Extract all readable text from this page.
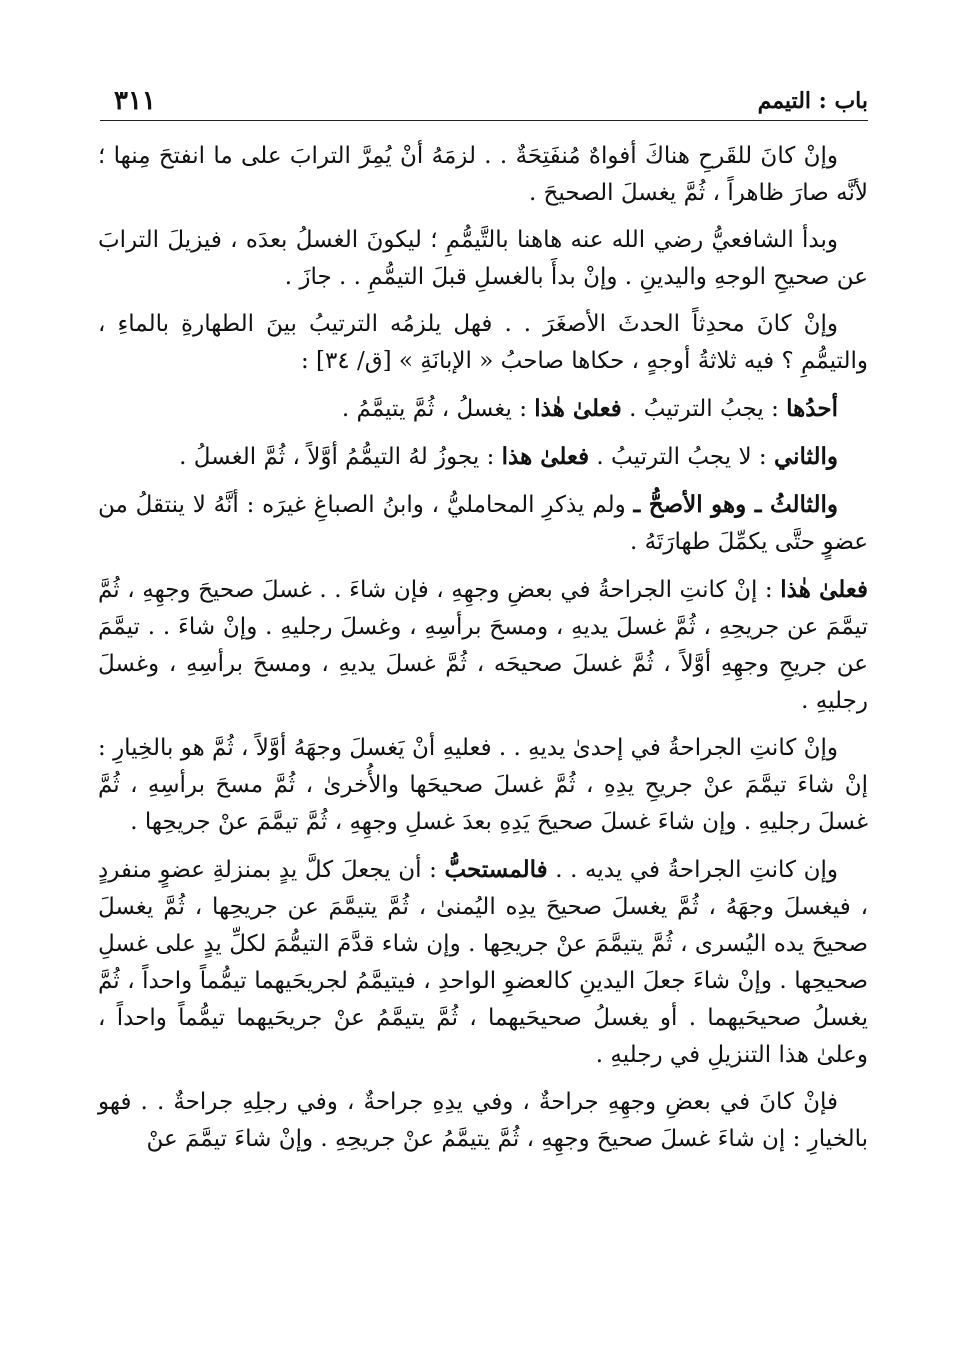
باب : التيمم
٣١١

وإنْ كانَ للقَرحِ هناكَ أفواهٌ مُنفَتِحَةٌ . . لزمَهُ أنْ يُمِرَّ الترابَ على ما انفتحَ مِنها ؛ لأنَّه صارَ ظاهراً ، ثُمَّ يغسلَ الصحيحَ .

وبدأ الشافعيُّ رضي الله عنه هاهنا بالتَّيمُّمِ ؛ ليكونَ الغسلُ بعدَه ، فيزيلَ الترابَ عن صحيحِ الوجهِ واليدينِ . وإنْ بدأَ بالغسلِ قبلَ التيمُّمِ . . جازَ .

وإنْ كانَ محدِثاً الحدثَ الأصغَرَ . . فهل يلزمُه الترتيبُ بينَ الطهارةِ بالماءِ ، والتيمُّمِ ؟ فيه ثلاثةُ أوجهٍ ، حكاها صاحبُ « الإبانَةِ » [ق/ ٣٤] :

أحدُها : يجبُ الترتيبُ . فعلىٰ هٰذا : يغسلُ ، ثُمَّ يتيمَّمُ .

والثاني : لا يجبُ الترتيبُ . فعلىٰ هذا : يجوزُ لهُ التيمُّمُ أوَّلاً ، ثُمَّ الغسلُ .

والثالثُ ـ وهو الأصحُّ ـ ولم يذكرِ المحامليُّ ، وابنُ الصباغِ غيرَه : أنَّهُ لا ينتقلُ من عضوٍ حتَّى يكمِّلَ طهارَتَهُ .

فعلىٰ هٰذا : إنْ كانتِ الجراحةُ في بعضِ وجهِهِ ، فإن شاءَ . . غسلَ صحيحَ وجهِهِ ، ثُمَّ تيمَّمَ عن جريحِهِ ، ثُمَّ غسلَ يديهِ ، ومسحَ برأسِهِ ، وغسلَ رجليهِ . وإنْ شاءَ . . تيمَّمَ عن جريحِ وجهِهِ أوَّلاً ، ثُمَّ غسلَ صحيحَه ، ثُمَّ غسلَ يديهِ ، ومسحَ برأسِهِ ، وغسلَ رجليهِ .

وإنْ كانتِ الجراحةُ في إحدىٰ يديهِ . . فعليهِ أنْ يَغسلَ وجهَهُ أوَّلاً ، ثُمَّ هو بالخِيارِ : إنْ شاءَ تيمَّمَ عنْ جريحِ يدِهِ ، ثُمَّ غسلَ صحيحَها والأُخرىٰ ، ثُمَّ مسحَ برأسِهِ ، ثُمَّ غسلَ رجليهِ . وإن شاءَ غسلَ صحيحَ يَدِهِ بعدَ غسلِ وجهِهِ ، ثُمَّ تيمَّمَ عنْ جريحِها .

وإن كانتِ الجراحةُ في يديه . . فالمستحبُّ : أن يجعلَ كلَّ يدٍ بمنزلةِ عضوٍ منفردٍ ، فيغسلَ وجهَهُ ، ثُمَّ يغسلَ صحيحَ يدِه اليُمنىٰ ، ثُمَّ يتيمَّمَ عن جريحِها ، ثُمَّ يغسلَ صحيحَ يده اليُسرى ، ثُمَّ يتيمَّمَ عنْ جريحِها . وإن شاء قدَّمَ التيمُّمَ لكلِّ يدٍ على غسلِ صحيحِها . وإنْ شاءَ جعلَ اليدينِ كالعضوِ الواحدِ ، فيتيمَّمُ لجريحَيهما تيمُّماً واحداً ، ثُمَّ يغسلُ صحيحَيهما . أو يغسلُ صحيحَيهما ، ثُمَّ يتيمَّمُ عنْ جريحَيهما تيمُّماً واحداً ، وعلىٰ هذا التنزيلِ في رجليهِ .

فإنْ كانَ في بعضِ وجهِهِ جراحةٌ ، وفي يدِهِ جراحةٌ ، وفي رجلِهِ جراحةٌ . . فهو بالخيارِ : إن شاءَ غسلَ صحيحَ وجهِهِ ، ثُمَّ يتيمَّمُ عنْ جريحِهِ . وإنْ شاءَ تيمَّمَ عنْ
